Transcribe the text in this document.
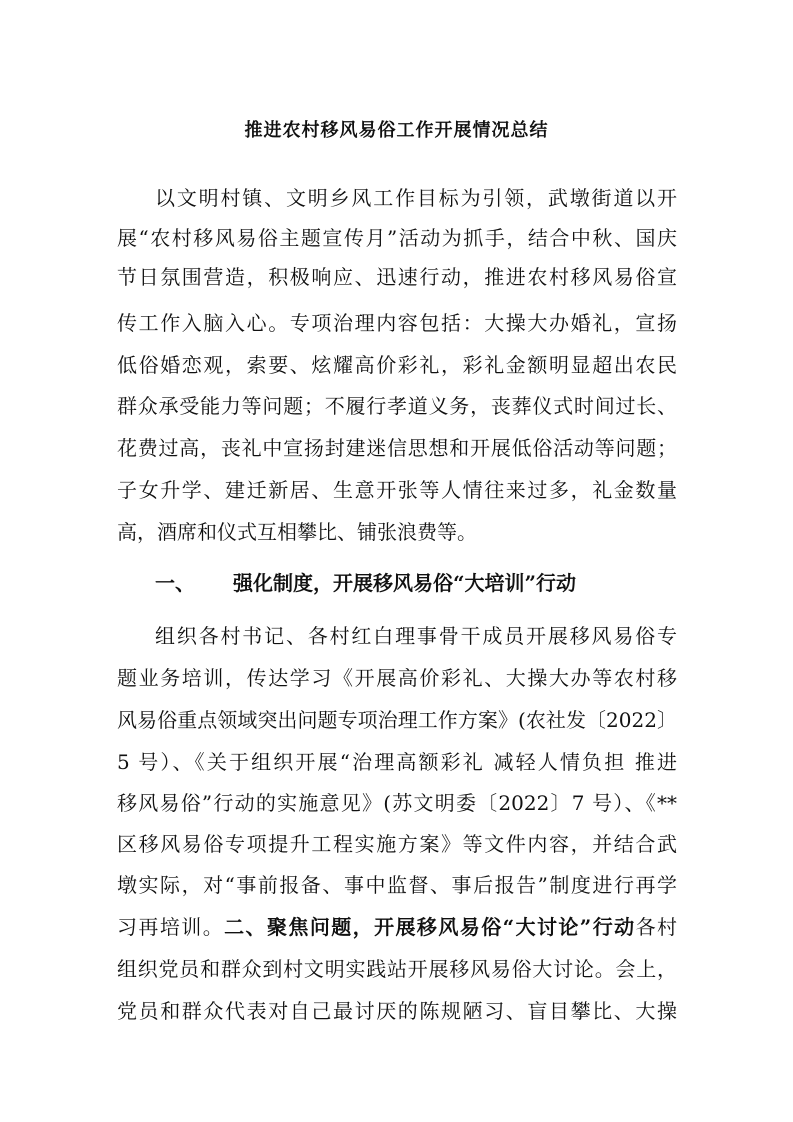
推进农村移风易俗工作开展情况总结
以文明村镇、文明乡风工作目标为引领，武墩街道以开
展“农村移风易俗主题宣传月”活动为抓手，结合中秋、国庆
节日氛围营造，积极响应、迅速行动，推进农村移风易俗宣
传工作入脑入心。专项治理内容包括：大操大办婚礼，宣扬
低俗婚恋观，索要、炫耀高价彩礼，彩礼金额明显超出农民
群众承受能力等问题；不履行孝道义务，丧葬仪式时间过长、
花费过高，丧礼中宣扬封建迷信思想和开展低俗活动等问题；
子女升学、建迁新居、生意开张等人情往来过多，礼金数量
高，酒席和仪式互相攀比、铺张浪费等。
一、 强化制度，开展移风易俗“大培训”行动
组织各村书记、各村红白理事骨干成员开展移风易俗专
题业务培训，传达学习《开展高价彩礼、大操大办等农村移
风易俗重点领域突出问题专项治理工作方案》(农社发〔2022〕
5 号）、《关于组织开展“治理高额彩礼 减轻人情负担 推进
移风易俗”行动的实施意见》(苏文明委〔2022〕7 号）、《**
区移风易俗专项提升工程实施方案》等文件内容，并结合武
墩实际，对“事前报备、事中监督、事后报告”制度进行再学
习再培训。二、聚焦问题，开展移风易俗“大讨论”行动各村
组织党员和群众到村文明实践站开展移风易俗大讨论。会上，
党员和群众代表对自己最讨厌的陈规陋习、盲目攀比、大操
